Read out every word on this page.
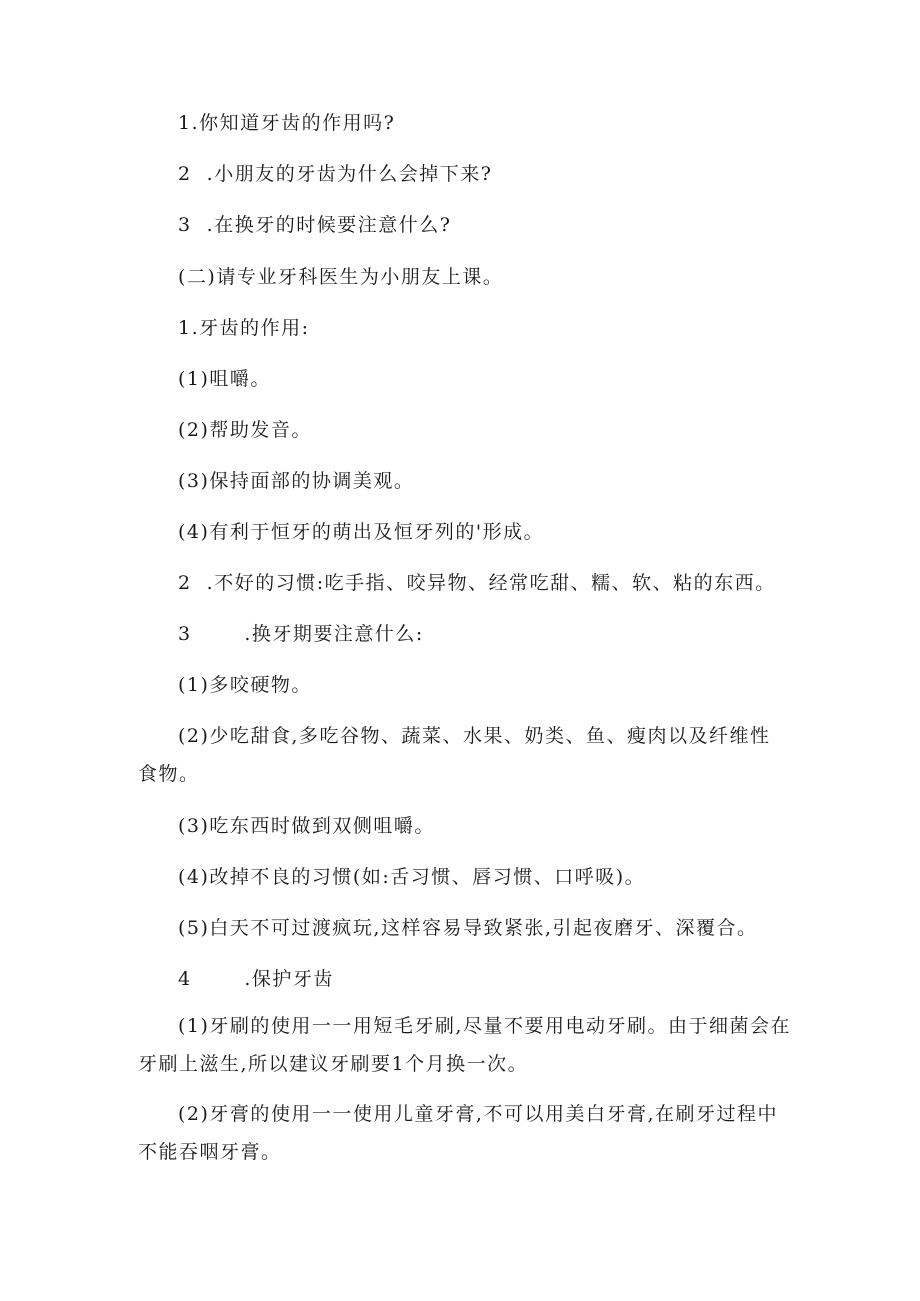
1.你知道牙齿的作用吗?
2  .小朋友的牙齿为什么会掉下来?
3  .在换牙的时候要注意什么?
(二)请专业牙科医生为小朋友上课。
1.牙齿的作用:
(1)咀嚼。
(2)帮助发音。
(3)保持面部的协调美观。
(4)有利于恒牙的萌出及恒牙列的'形成。
2  .不好的习惯:吃手指、咬异物、经常吃甜、糯、软、粘的东西。
3       .换牙期要注意什么:
(1)多咬硬物。
(2)少吃甜食,多吃谷物、蔬菜、水果、奶类、鱼、瘦肉以及纤维性
食物。
(3)吃东西时做到双侧咀嚼。
(4)改掉不良的习惯(如:舌习惯、唇习惯、口呼吸)。
(5)白天不可过渡疯玩,这样容易导致紧张,引起夜磨牙、深覆合。
4       .保护牙齿
(1)牙刷的使用一一用短毛牙刷,尽量不要用电动牙刷。由于细菌会在
牙刷上滋生,所以建议牙刷要1个月换一次。
(2)牙膏的使用一一使用儿童牙膏,不可以用美白牙膏,在刷牙过程中
不能吞咽牙膏。
